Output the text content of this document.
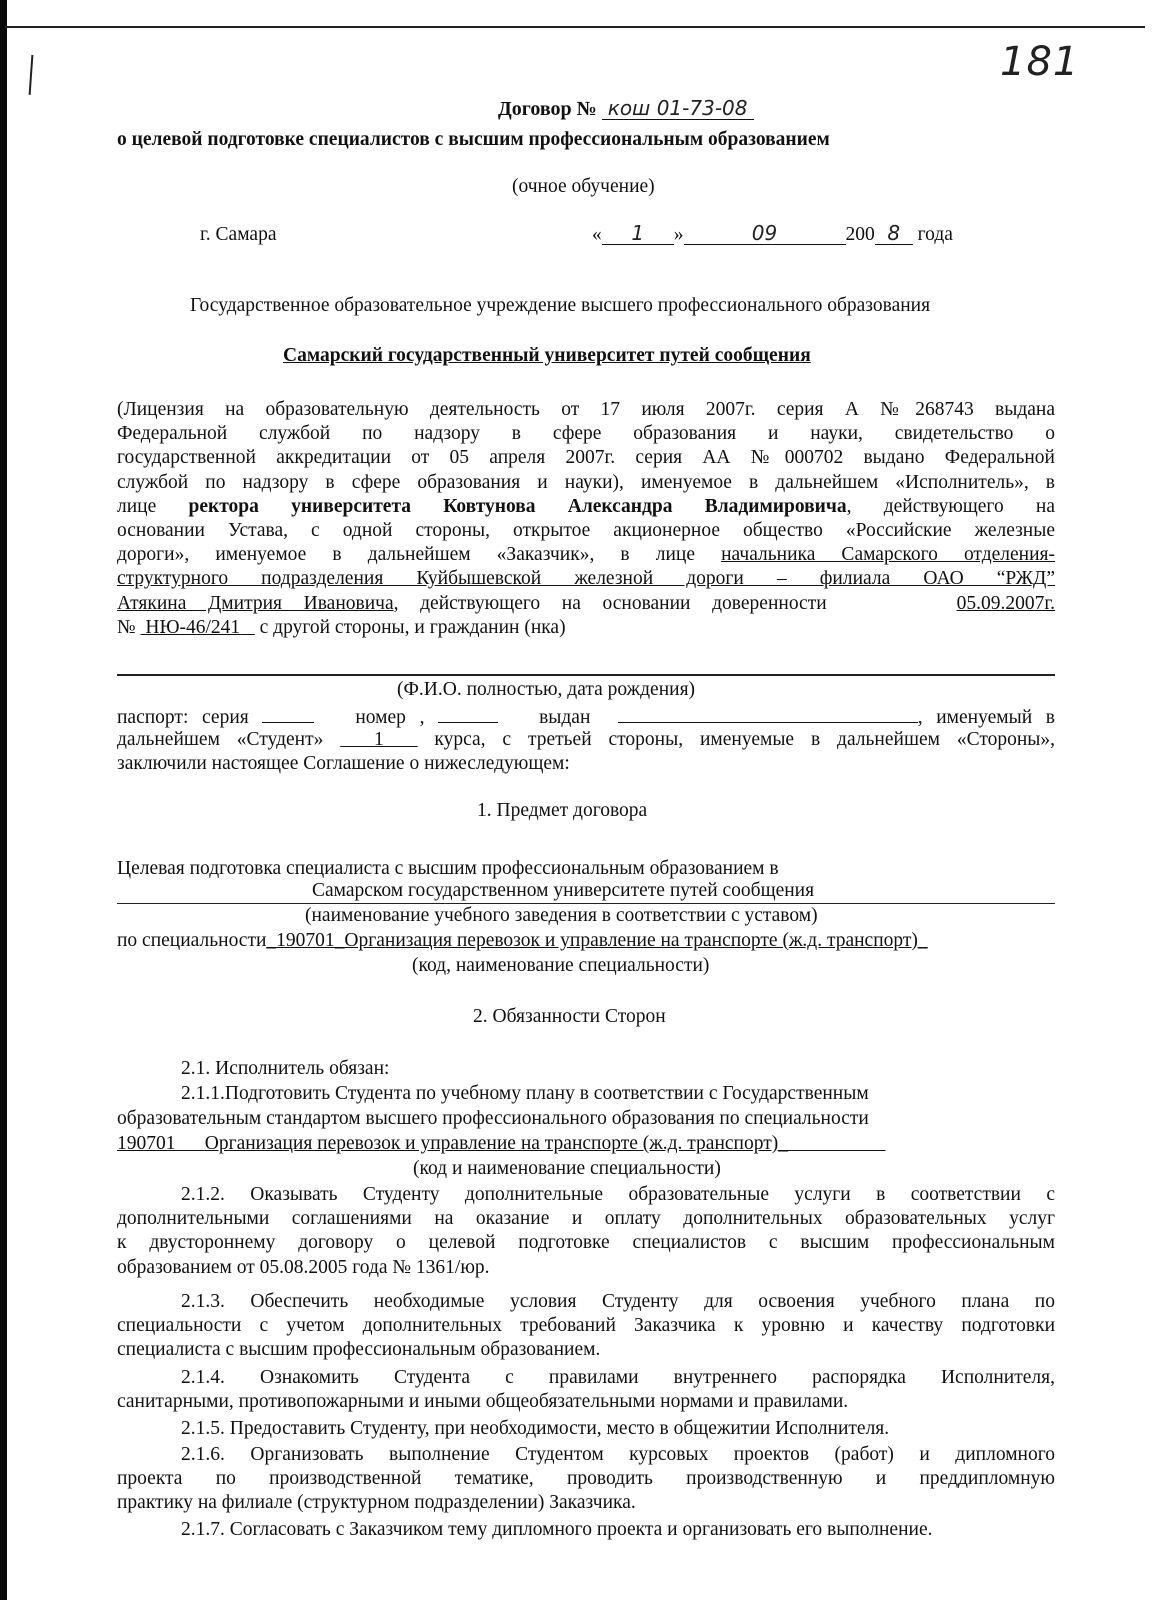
181
Договор № кош 01-73-08
о целевой подготовке специалистов с высшим профессиональным образованием
(очное обучение)
г. Самара	« 1 »	09	200 8 года
Государственное образовательное учреждение высшего профессионального образования
Самарский государственный университет путей сообщения
(Лицензия на образовательную деятельность от 17 июля 2007г. серия А №268743 выдана
Федеральной службой по надзору в сфере образования и науки, свидетельство о
государственной аккредитации от 05 апреля 2007г. серия АА №000702 выдано Федеральной
службой по надзору в сфере образования и науки), именуемое в дальнейшем «Исполнитель», в
лице ректора университета Ковтунова Александра Владимировича, действующего на
основании Устава, с одной стороны, открытое акционерное общество «Российские железные
дороги», именуемое в дальнейшем «Заказчик», в лице начальника Самарского отделения-
структурного подразделения Куйбышевской железной дороги – филиала ОАО “РЖД”
Атякина Дмитрия Ивановича, действующего на основании доверенности	05.09.2007г.
№ НЮ-46/241 с другой стороны, и гражданин (нка)
(Ф.И.О. полностью, дата рождения)
паспорт: серия	номер ,	выдан	, именуемый в
дальнейшем «Студент»	1	курса, с третьей стороны, именуемые в дальнейшем «Стороны»,
заключили настоящее Соглашение о нижеследующем:
1. Предмет договора
Целевая подготовка специалиста с высшим профессиональным образованием в
Самарском государственном университете путей сообщения
(наименование учебного заведения в соответствии с уставом)
по специальности_190701_Организация перевозок и управление на транспорте (ж.д. транспорт)_
(код, наименование специальности)
2. Обязанности Сторон
2.1. Исполнитель обязан:
2.1.1.Подготовить Студента по учебному плану в соответствии с Государственным
образовательным стандартом высшего профессионального образования по специальности
190701 Организация перевозок и управление на транспорте (ж.д. транспорт)_
(код и наименование специальности)
2.1.2. Оказывать Студенту дополнительные образовательные услуги в соответствии с
дополнительными соглашениями на оказание и оплату дополнительных образовательных услуг
к двустороннему договору о целевой подготовке специалистов с высшим профессиональным
образованием от 05.08.2005 года № 1361/юр.
2.1.3. Обеспечить необходимые условия Студенту для освоения учебного плана по
специальности с учетом дополнительных требований Заказчика к уровню и качеству подготовки
специалиста с высшим профессиональным образованием.
2.1.4. Ознакомить Студента с правилами внутреннего распорядка Исполнителя,
санитарными, противопожарными и иными общеобязательными нормами и правилами.
2.1.5. Предоставить Студенту, при необходимости, место в общежитии Исполнителя.
2.1.6. Организовать выполнение Студентом курсовых проектов (работ) и дипломного
проекта по производственной тематике, проводить производственную и преддипломную
практику на филиале (структурном подразделении) Заказчика.
2.1.7. Согласовать с Заказчиком тему дипломного проекта и организовать его выполнение.
